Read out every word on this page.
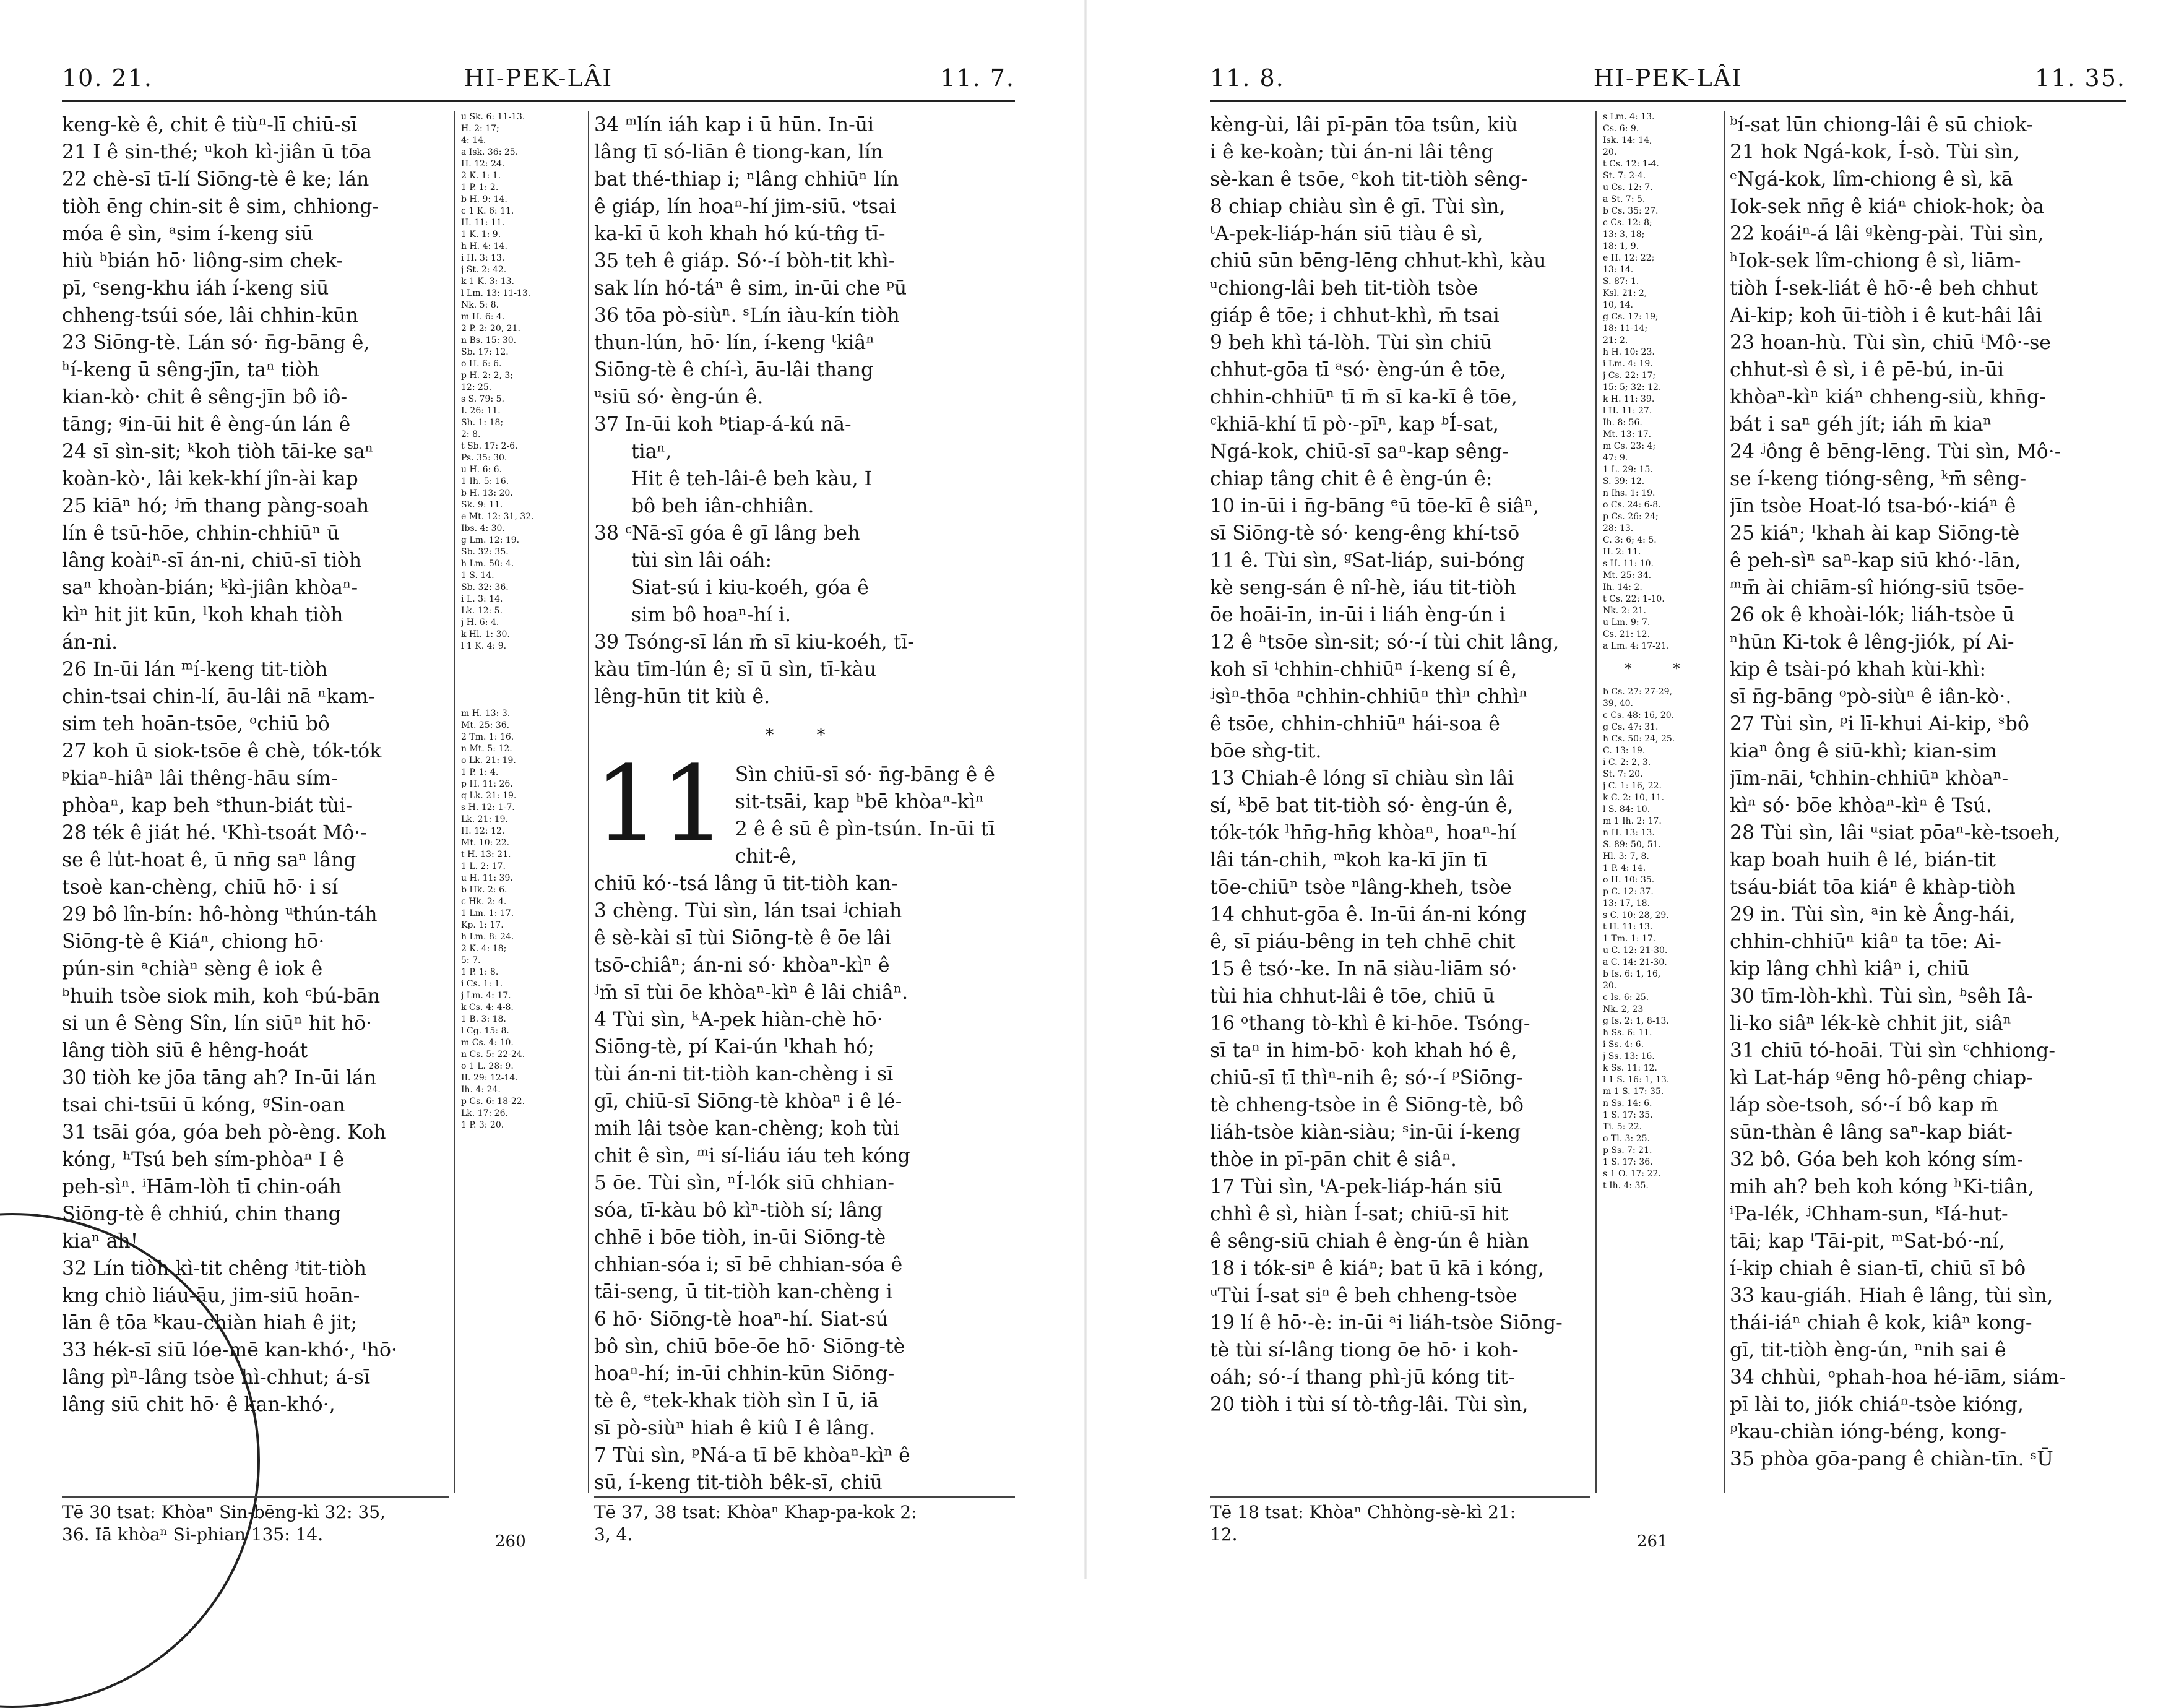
10. 21.	HI-PEK-LÂI	11. 7.

keng-kè ê, chit ê tiùⁿ-lī chiū-sī

21 I ê sin-thé; ᵘkoh kì-jiân ū tōa

22 chè-sī tī-lí Siōng-tè ê ke; lán

tiòh ēng chin-sit ê sim, chhiong-

móa ê sìn, ᵃsim í-keng siū

hiù ᵇbián hō· liông-sim chek-

pī, ᶜseng-khu iáh í-keng siū

chheng-tsúi sóe, lâi chhin-kūn

23 Siōng-tè. Lán só· n̄g-bāng ê,

ʰí-keng ū sêng-jīn, taⁿ tiòh

kian-kò· chit ê sêng-jīn bô iô-

tāng; ᵍin-ūi hit ê èng-ún lán ê

24 sī sìn-sit; ᵏkoh tiòh tāi-ke saⁿ

koàn-kò·, lâi kek-khí jîn-ài kap

25 kiāⁿ hó; ʲm̄ thang pàng-soah

lín ê tsū-hōe, chhin-chhiūⁿ ū

lâng koàiⁿ-sī án-ni, chiū-sī tiòh

saⁿ khoàn-bián; ᵏkì-jiân khòaⁿ-

kìⁿ hit jit kūn, ˡkoh khah tiòh

án-ni.

26 In-ūi lán ᵐí-keng tit-tiòh

chin-tsai chin-lí, āu-lâi nā ⁿkam-

sim teh hoān-tsōe, ᵒchiū bô

27 koh ū siok-tsōe ê chè, tók-tók

ᵖkiaⁿ-hiâⁿ lâi thêng-hāu sím-

phòaⁿ, kap beh ˢthun-biát tùi-

28 ték ê jiát hé. ᵗKhì-tsoát Mô·-

se ê lu̍t-hoat ê, ū nn̄g saⁿ lâng

tsoè kan-chèng, chiū hō· i sí

29 bô lîn-bín: hô-hòng ᵘthún-táh

Siōng-tè ê Kiáⁿ, chiong hō·

pún-sin ᵃchiàⁿ sèng ê iok ê

ᵇhuih tsòe siok mih, koh ᶜbú-bān

si un ê Sèng Sîn, lín siūⁿ hit hō·

lâng tiòh siū ê hêng-hoát

30 tiòh ke jōa tāng ah? In-ūi lán

tsai chi-tsūi ū kóng, ᵍSin-oan

31 tsāi góa, góa beh pò-èng. Koh

kóng, ʰTsú beh sím-phòaⁿ I ê

peh-sìⁿ. ⁱHām-lòh tī chin-oáh

Siōng-tè ê chhiú, chin thang

kiaⁿ ah!

32 Lín tiòh kì-tit chêng ʲtit-tiòh

kng chiò liáu-āu, jim-siū hoān-

lān ê tōa ᵏkau-chiàn hiah ê jit;

33 hék-sī siū lóe-mē kan-khó·, ˡhō·

lâng pìⁿ-lâng tsòe hì-chhut; á-sī

lâng siū chit hō· ê kan-khó·,

u Sk. 6: 11-13.
H. 2: 17;
4: 14.
a Isk. 36: 25.
H. 12: 24.
2 K. 1: 1.
1 P. 1: 2.
b H. 9: 14.
c 1 K. 6: 11.
H. 11: 11.
1 K. 1: 9.
h H. 4: 14.
i H. 3: 13.
j St. 2: 42.
k 1 K. 3: 13.
l Lm. 13: 11-13.
Nk. 5: 8.
m H. 6: 4.
2 P. 2: 20, 21.
n Bs. 15: 30.
Sb. 17: 12.
o H. 6: 6.
p H. 2: 2, 3;
12: 25.
s S. 79: 5.
I. 26: 11.
Sh. 1: 18;
2: 8.
t Sb. 17: 2-6.
Ps. 35: 30.
u H. 6: 6.
1 Ih. 5: 16.
b H. 13: 20.
Sk. 9: 11.
e Mt. 12: 31, 32.
Ibs. 4: 30.
g Lm. 12: 19.
Sb. 32: 35.
h Lm. 50: 4.
1 S. 14.
Sb. 32: 36.
i L. 3: 14.
Lk. 12: 5.
j H. 6: 4.
k Hl. 1: 30.
l 1 K. 4: 9.
m H. 13: 3.
Mt. 25: 36.
2 Tm. 1: 16.
n Mt. 5: 12.
o Lk. 21: 19.
1 P. 1: 4.
p H. 11: 26.
q Lk. 21: 19.
s H. 12: 1-7.
Lk. 21: 19.
H. 12: 12.
Mt. 10: 22.
t H. 13: 21.
1 L. 2: 17.
u H. 11: 39.
b Hk. 2: 6.
c Hk. 2: 4.
1 Lm. 1: 17.
Kp. 1: 17.
h Lm. 8: 24.
2 K. 4: 18;
5: 7.
1 P. 1: 8.
i Cs. 1: 1.
j Lm. 4: 17.
k Cs. 4: 4-8.
1 B. 3: 18.
l Cg. 15: 8.
m Cs. 4: 10.
n Cs. 5: 22-24.
o 1 L. 28: 9.
II. 29: 12-14.
Ih. 4: 24.
p Cs. 6: 18-22.
Lk. 17: 26.
1 P. 3: 20.

34 ᵐlín iáh kap i ū hūn. In-ūi

lâng tī só-liān ê tiong-kan, lín

bat thé-thiap i; ⁿlâng chhiūⁿ lín

ê giáp, lín hoaⁿ-hí jim-siū. ᵒtsai

ka-kī ū koh khah hó kú-tn̂g tī-

35 teh ê giáp. Só·-í bòh-tit khì-

sak lín hó-táⁿ ê sim, in-ūi che ᵖū

36 tōa pò-siùⁿ. ˢLín iàu-kín tiòh

thun-lún, hō· lín, í-keng ᵗkiâⁿ

Siōng-tè ê chí-ì, āu-lâi thang

ᵘsiū só· èng-ún ê.

37 In-ūi koh ᵇtiap-á-kú nā-

tiaⁿ,

Hit ê teh-lâi-ê beh kàu, I

bô beh iân-chhiân.

38 ᶜNā-sī góa ê gī lâng beh

tùi sìn lâi oáh:

Siat-sú i kiu-koéh, góa ê

sim bô hoaⁿ-hí i.

39 Tsóng-sī lán m̄ sī kiu-koéh, tī-

kàu tīm-lún ê; sī ū sìn, tī-kàu

lêng-hūn tit kiù ê.

* *

11 Sìn chiū-sī só· n̄g-bāng ê ê

sit-tsāi, kap ʰbē khòaⁿ-kìⁿ

2 ê ê sū ê pìn-tsún. In-ūi tī chit-ê,

chiū kó·-tsá lâng ū tit-tiòh kan-

3 chèng. Tùi sìn, lán tsai ʲchiah

ê sè-kài sī tùi Siōng-tè ê ōe lâi

tsō-chiâⁿ; án-ni só· khòaⁿ-kìⁿ ê

ʲm̄ sī tùi ōe khòaⁿ-kìⁿ ê lâi chiâⁿ.

4 Tùi sìn, ᵏA-pek hiàn-chè hō·

Siōng-tè, pí Kai-ún ˡkhah hó;

tùi án-ni tit-tiòh kan-chèng i sī

gī, chiū-sī Siōng-tè khòaⁿ i ê lé-

mih lâi tsòe kan-chèng; koh tùi

chit ê sìn, ᵐi sí-liáu iáu teh kóng

5 ōe. Tùi sìn, ⁿÍ-lók siū chhian-

sóa, tī-kàu bô kìⁿ-tiòh sí; lâng

chhē i bōe tiòh, in-ūi Siōng-tè

chhian-sóa i; sī bē chhian-sóa ê

tāi-seng, ū tit-tiòh kan-chèng i

6 hō· Siōng-tè hoaⁿ-hí. Siat-sú

bô sìn, chiū bōe-ōe hō· Siōng-tè

hoaⁿ-hí; in-ūi chhin-kūn Siōng-

tè ê, ᵉtek-khak tiòh sìn I ū, iā

sī pò-siùⁿ hiah ê kiû I ê lâng.

7 Tùi sìn, ᵖNá-a tī bē khòaⁿ-kìⁿ ê

sū, í-keng tit-tiòh bêk-sī, chiū

Tē 30 tsat: Khòaⁿ Sin-bēng-kì 32: 35,
36. Iā khòaⁿ Si-phian 135: 14.
Tē 37, 38 tsat: Khòaⁿ Khap-pa-kok 2:
3, 4.
260
11. 8.	HI-PEK-LÂI	11. 35.

kèng-ùi, lâi pī-pān tōa tsûn, kiù

i ê ke-koàn; tùi án-ni lâi têng

sè-kan ê tsōe, ᵉkoh tit-tiòh sêng-

8 chiap chiàu sìn ê gī. Tùi sìn,

ᵗA-pek-liáp-hán siū tiàu ê sì,

chiū sūn bēng-lēng chhut-khì, kàu

ᵘchiong-lâi beh tit-tiòh tsòe

giáp ê tōe; i chhut-khì, m̄ tsai

9 beh khì tá-lòh. Tùi sìn chiū

chhut-gōa tī ᵃsó· èng-ún ê tōe,

chhin-chhiūⁿ tī m̄ sī ka-kī ê tōe,

ᶜkhiā-khí tī pò·-pīⁿ, kap ᵇÍ-sat,

Ngá-kok, chiū-sī saⁿ-kap sêng-

chiap tâng chit ê ê èng-ún ê:

10 in-ūi i n̄g-bāng ᵉū tōe-kī ê siâⁿ,

sī Siōng-tè só· keng-êng khí-tsō

11 ê. Tùi sìn, ᵍSat-liáp, sui-bóng

kè seng-sán ê nî-hè, iáu tit-tiòh

ōe hoāi-īn, in-ūi i liáh èng-ún i

12 ê ʰtsōe sìn-sit; só·-í tùi chit lâng,

koh sī ⁱchhin-chhiūⁿ í-keng sí ê,

ʲsìⁿ-thōa ⁿchhin-chhiūⁿ thìⁿ chhìⁿ

ê tsōe, chhin-chhiūⁿ hái-soa ê

bōe sǹg-tit.

13 Chiah-ê lóng sī chiàu sìn lâi

sí, ᵏbē bat tit-tiòh só· èng-ún ê,

tók-tók ˡhn̄g-hn̄g khòaⁿ, hoaⁿ-hí

lâi tán-chih, ᵐkoh ka-kī jīn tī

tōe-chiūⁿ tsòe ⁿlâng-kheh, tsòe

14 chhut-gōa ê. In-ūi án-ni kóng

ê, sī piáu-bêng in teh chhē chit

15 ê tsó·-ke. In nā siàu-liām só·

tùi hia chhut-lâi ê tōe, chiū ū

16 ᵒthang tò-khì ê ki-hōe. Tsóng-

sī taⁿ in him-bō· koh khah hó ê,

chiū-sī tī thìⁿ-nih ê; só·-í ᵖSiōng-

tè chheng-tsòe in ê Siōng-tè, bô

liáh-tsòe kiàn-siàu; ˢin-ūi í-keng

thòe in pī-pān chit ê siâⁿ.

17 Tùi sìn, ᵗA-pek-liáp-hán siū

chhì ê sì, hiàn Í-sat; chiū-sī hit

ê sêng-siū chiah ê èng-ún ê hiàn

18 i tók-siⁿ ê kiáⁿ; bat ū kā i kóng,

ᵘTùi Í-sat siⁿ ê beh chheng-tsòe

19 lí ê hō·-è: in-ūi ᵃi liáh-tsòe Siōng-

tè tùi sí-lâng tiong ōe hō· i koh-

oáh; só·-í thang phì-jū kóng tit-

20 tiòh i tùi sí tò-tn̂g-lâi. Tùi sìn,

s Lm. 4: 13.
Cs. 6: 9.
Isk. 14: 14,
20.
t Cs. 12: 1-4.
St. 7: 2-4.
u Cs. 12: 7.
a St. 7: 5.
b Cs. 35: 27.
c Cs. 12: 8;
13: 3, 18;
18: 1, 9.
e H. 12: 22;
13: 14.
S. 87: 1.
Ksl. 21: 2,
10, 14.
g Cs. 17: 19;
18: 11-14;
21: 2.
h H. 10: 23.
i Lm. 4: 19.
j Cs. 22: 17;
15: 5; 32: 12.
k H. 11: 39.
l H. 11: 27.
Ih. 8: 56.
Mt. 13: 17.
m Cs. 23: 4;
47: 9.
1 L. 29: 15.
S. 39: 12.
n Ihs. 1: 19.
o Cs. 24: 6-8.
p Cs. 26: 24;
28: 13.
C. 3: 6; 4: 5.
H. 2: 11.
s H. 11: 10.
Mt. 25: 34.
Ih. 14: 2.
t Cs. 22: 1-10.
Nk. 2: 21.
u Lm. 9: 7.
Cs. 21: 12.
a Lm. 4: 17-21.

* *

b Cs. 27: 27-29,
39, 40.
c Cs. 48: 16, 20.
g Cs. 47: 31.
h Cs. 50: 24, 25.
C. 13: 19.
i C. 2: 2, 3.
St. 7: 20.
j C. 1: 16, 22.
k C. 2: 10, 11.
l S. 84: 10.
m 1 Ih. 2: 17.
n H. 13: 13.
S. 89: 50, 51.
Hl. 3: 7, 8.
1 P. 4: 14.
o H. 10: 35.
p C. 12: 37.
13: 17, 18.
s C. 10: 28, 29.
t H. 11: 13.
1 Tm. 1: 17.
u C. 12: 21-30.
a C. 14: 21-30.
b Is. 6: 1, 16,
20.
c Is. 6: 25.
Nk. 2, 23
g Is. 2: 1, 8-13.
h Ss. 6: 11.
i Ss. 4: 6.
j Ss. 13: 16.
k Ss. 11: 12.
l 1 S. 16: 1, 13.
m 1 S. 17: 35.
n Ss. 14: 6.
1 S. 17: 35.
Ti. 5: 22.
o Tl. 3: 25.
p Ss. 7: 21.
1 S. 17: 36.
s 1 O. 17: 22.
t Ih. 4: 35.

ᵇí-sat lūn chiong-lâi ê sū chiok-

21 hok Ngá-kok, Í-sò. Tùi sìn,

ᵉNgá-kok, lîm-chiong ê sì, kā

Iok-sek nn̄g ê kiáⁿ chiok-hok; òa

22 koáiⁿ-á lâi ᵍkèng-pài. Tùi sìn,

ʰIok-sek lîm-chiong ê sì, liām-

tiòh Í-sek-liát ê hō·-ê beh chhut

Ai-kip; koh ūi-tiòh i ê kut-hâi lâi

23 hoan-hù. Tùi sìn, chiū ⁱMô·-se

chhut-sì ê sì, i ê pē-bú, in-ūi

khòaⁿ-kìⁿ kiáⁿ chheng-siù, khn̄g-

bát i saⁿ géh jít; iáh m̄ kiaⁿ

24 ʲông ê bēng-lēng. Tùi sìn, Mô·-

se í-keng tióng-sêng, ᵏm̄ sêng-

jīn tsòe Hoat-ló tsa-bó·-kiáⁿ ê

25 kiáⁿ; ˡkhah ài kap Siōng-tè

ê peh-sìⁿ saⁿ-kap siū khó·-lān,

ᵐm̄ ài chiām-sî hióng-siū tsōe-

26 ok ê khoài-lók; liáh-tsòe ū

ⁿhūn Ki-tok ê lêng-jiók, pí Ai-

kip ê tsài-pó khah kùi-khì:

sī n̄g-bāng ᵒpò-siùⁿ ê iân-kò·.

27 Tùi sìn, ᵖi lī-khui Ai-kip, ˢbô

kiaⁿ ông ê siū-khì; kian-sim

jīm-nāi, ᵗchhin-chhiūⁿ khòaⁿ-

kìⁿ só· bōe khòaⁿ-kìⁿ ê Tsú.

28 Tùi sìn, lâi ᵘsiat pōaⁿ-kè-tsoeh,

kap boah huih ê lé, bián-tit

tsáu-biát tōa kiáⁿ ê khàp-tiòh

29 in. Tùi sìn, ᵃin kè Âng-hái,

chhin-chhiūⁿ kiâⁿ ta tōe: Ai-

kip lâng chhì kiâⁿ i, chiū

30 tīm-lòh-khì. Tùi sìn, ᵇsêh Iâ-

li-ko siâⁿ lék-kè chhit jit, siâⁿ

31 chiū tó-hoāi. Tùi sìn ᶜchhiong-

kì Lat-háp ᵍēng hô-pêng chiap-

láp sòe-tsoh, só·-í bô kap m̄

sūn-thàn ê lâng saⁿ-kap biát-

32 bô. Góa beh koh kóng sím-

mih ah? beh koh kóng ʰKi-tiân,

ⁱPa-lék, ʲChham-sun, ᵏIá-hut-

tāi; kap ˡTāi-pit, ᵐSat-bó·-ní,

í-kip chiah ê sian-tī, chiū sī bô

33 kau-giáh. Hiah ê lâng, tùi sìn,

thái-iáⁿ chiah ê kok, kiâⁿ kong-

gī, tit-tiòh èng-ún, ⁿnih sai ê

34 chhùi, ᵒphah-hoa hé-iām, siám-

pī lài to, jiók chiáⁿ-tsòe kióng,

ᵖkau-chiàn ióng-béng, kong-

35 phòa gōa-pang ê chiàn-tīn. ˢŪ

Tē 18 tsat: Khòaⁿ Chhòng-sè-kì 21:
12.	261
